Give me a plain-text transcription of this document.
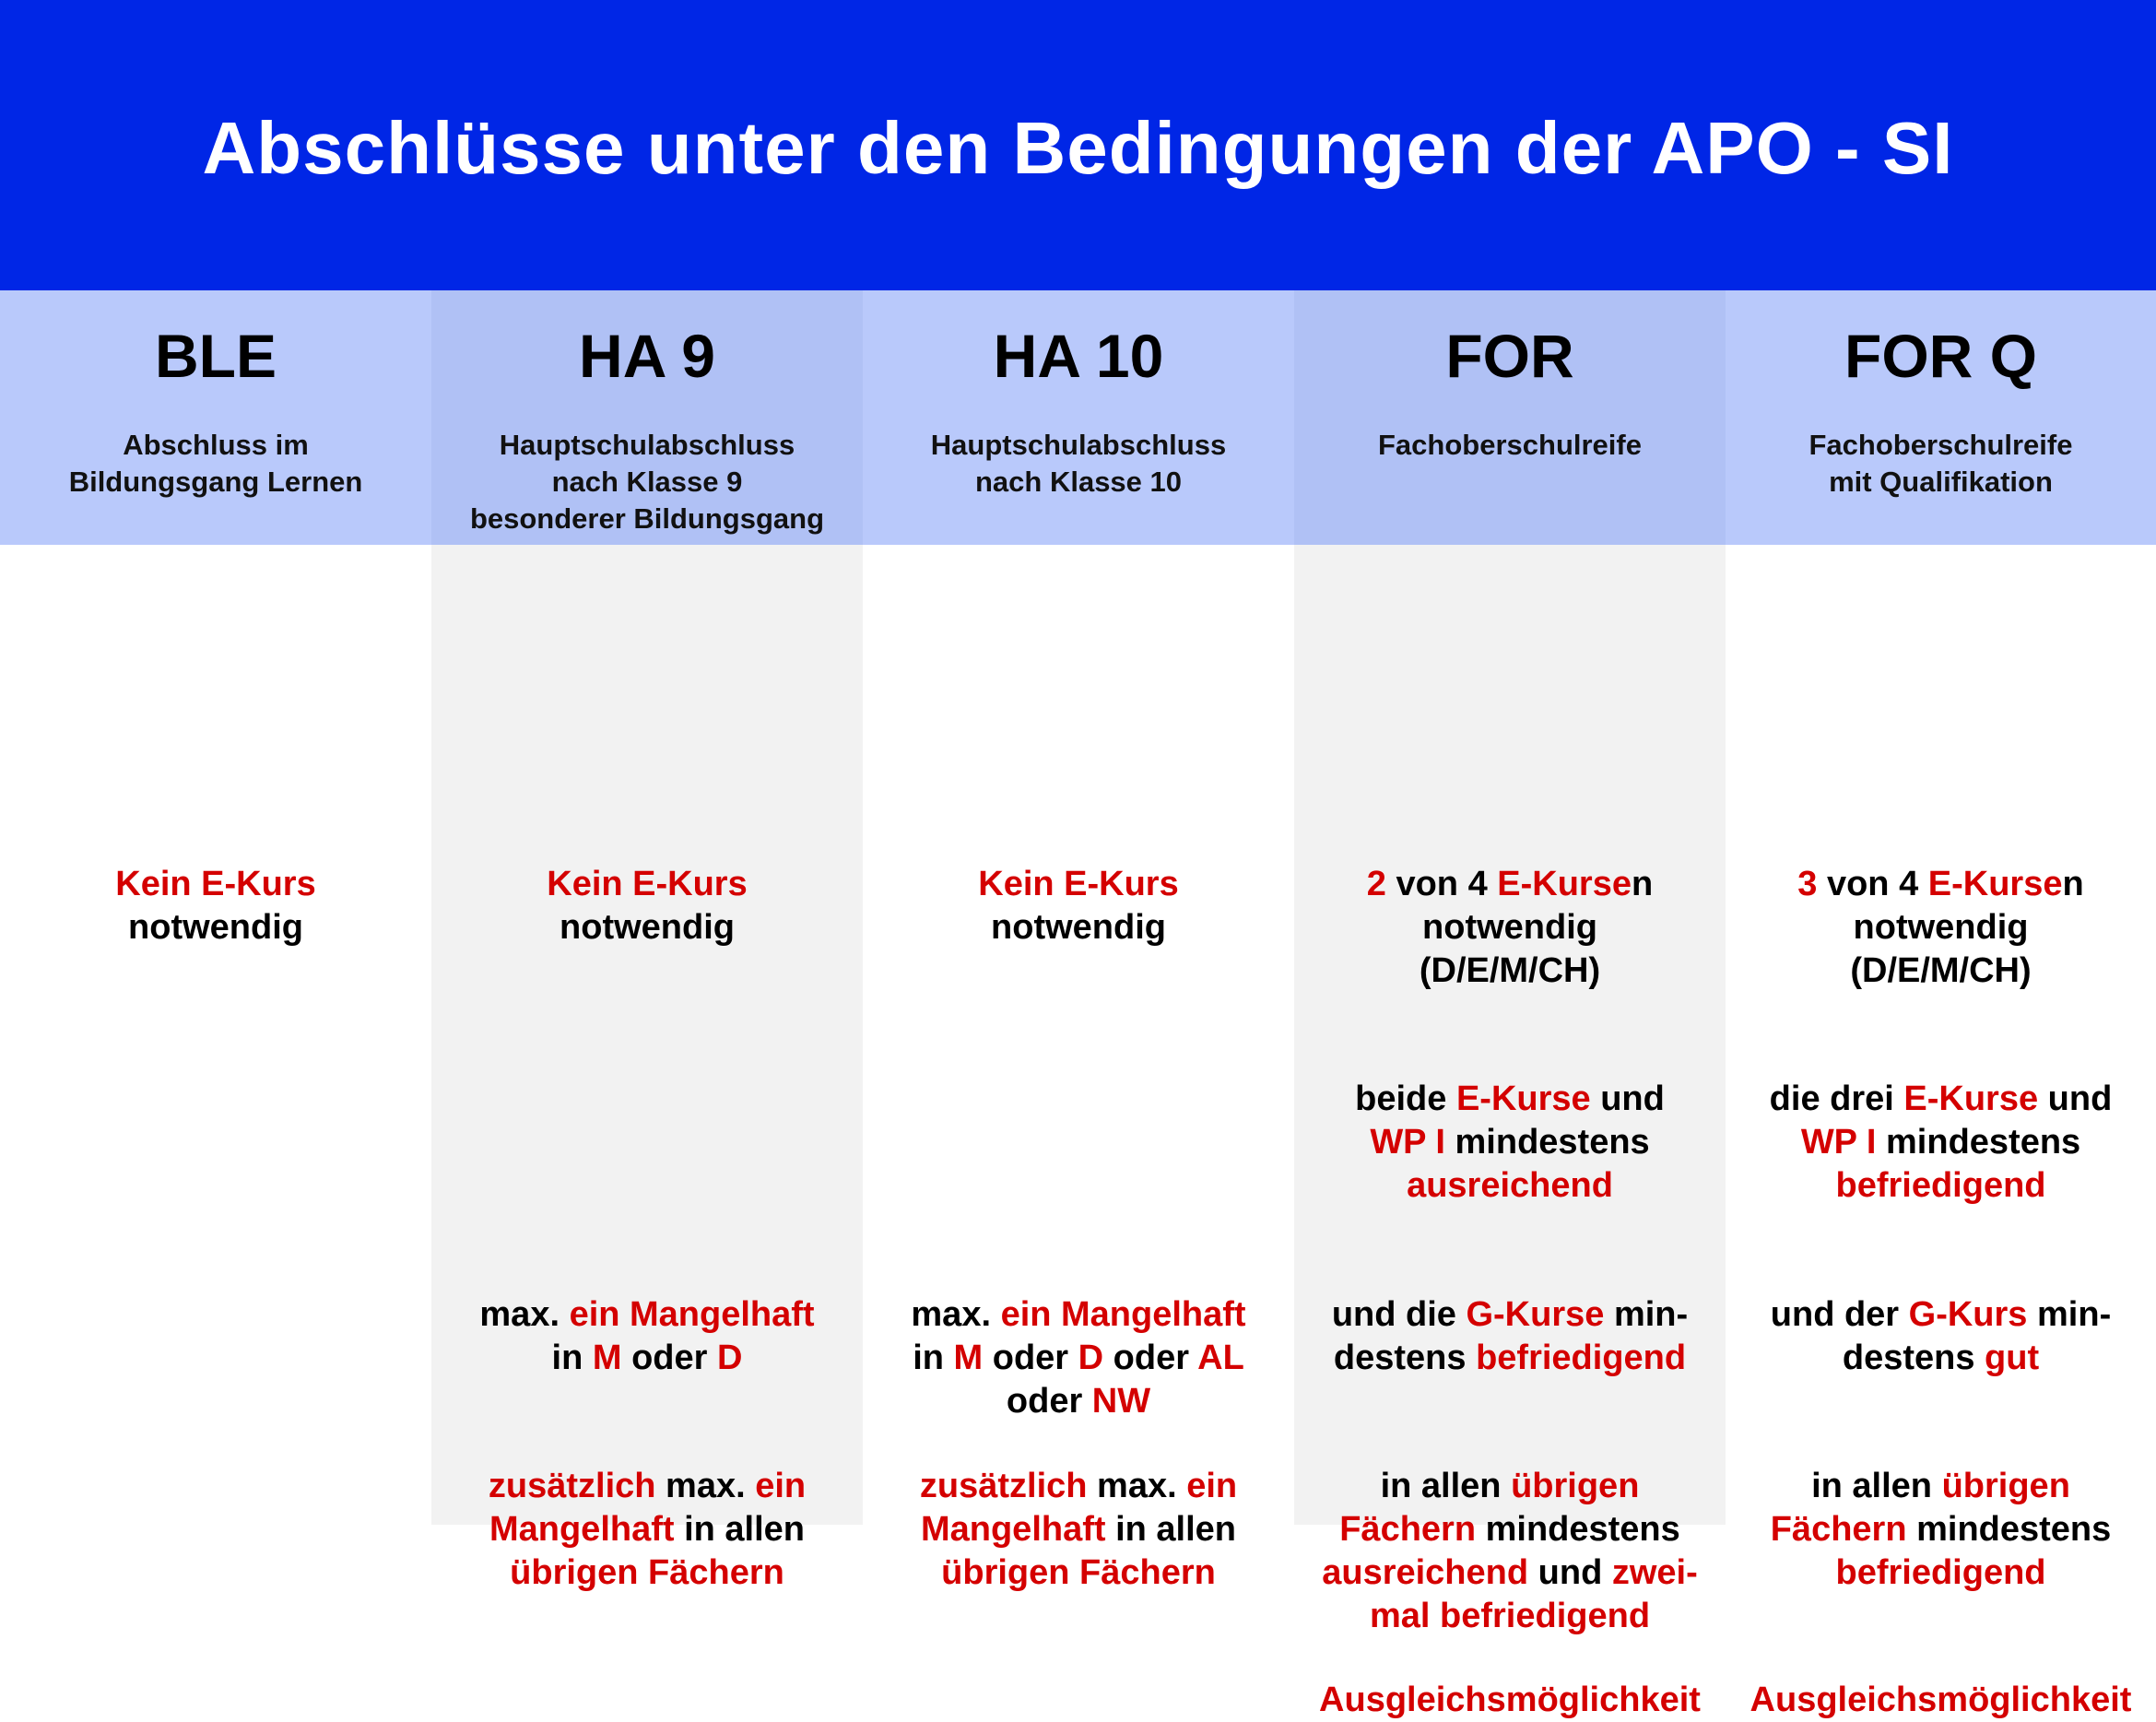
Abschlüsse unter den Bedingungen der APO - SI
BLE
Abschluss im
Bildungsgang Lernen
Kein E-Kurs
notwendig
HA 9
Hauptschulabschluss
nach Klasse 9
besonderer Bildungsgang
Kein E-Kurs
notwendig
max. ein Mangelhaft
in M oder D
zusätzlich max. ein
Mangelhaft in allen
übrigen Fächern
HA 10
Hauptschulabschluss
nach Klasse 10
Kein E-Kurs
notwendig
max. ein Mangelhaft
in M oder D oder AL
oder NW
zusätzlich max. ein
Mangelhaft in allen
übrigen Fächern
FOR
Fachoberschulreife
2 von 4 E-Kursen
notwendig
(D/E/M/CH)
beide E-Kurse und
WP I mindestens
ausreichend
und die G-Kurse min-
destens befriedigend
in allen übrigen
Fächern mindestens
ausreichend und zwei-
mal befriedigend
Ausgleichsmöglichkeit
FOR Q
Fachoberschulreife
mit Qualifikation
3 von 4 E-Kursen
notwendig
(D/E/M/CH)
die drei E-Kurse und
WP I mindestens
befriedigend
und der G-Kurs min-
destens gut
in allen übrigen
Fächern mindestens
befriedigend
Ausgleichsmöglichkeit
